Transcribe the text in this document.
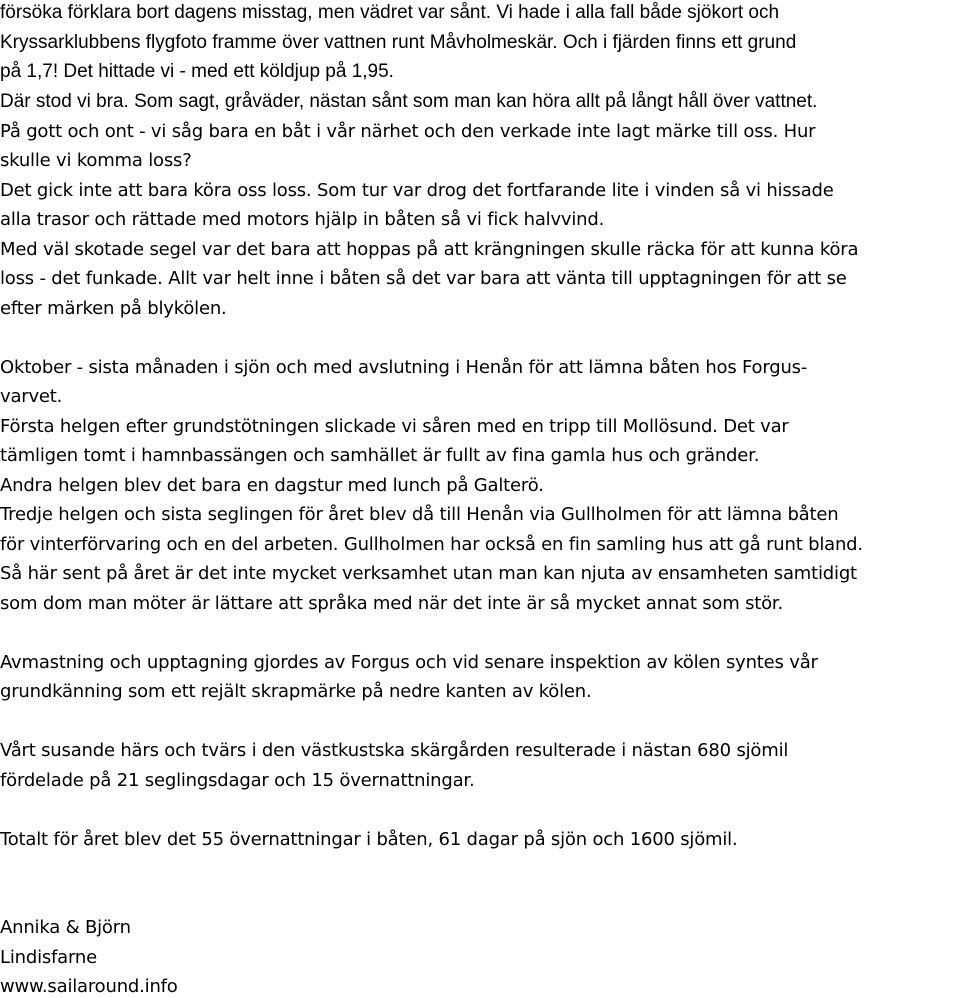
försöka förklara bort dagens misstag, men vädret var sånt. Vi hade i alla fall både sjökort och
Kryssarklubbens flygfoto framme över vattnen runt Måvholmeskär. Och i fjärden finns ett grund
på 1,7! Det hittade vi - med ett köldjup på 1,95.
Där stod vi bra. Som sagt, gråväder, nästan sånt som man kan höra allt på långt håll över vattnet.
På gott och ont - vi såg bara en båt i vår närhet och den verkade inte lagt märke till oss. Hur
skulle vi komma loss?
Det gick inte att bara köra oss loss. Som tur var drog det fortfarande lite i vinden så vi hissade
alla trasor och rättade med motors hjälp in båten så vi fick halvvind.
Med väl skotade segel var det bara att hoppas på att krängningen skulle räcka för att kunna köra
loss - det funkade. Allt var helt inne i båten så det var bara att vänta till upptagningen för att se
efter märken på blykölen.
Oktober - sista månaden i sjön och med avslutning i Henån för att lämna båten hos Forgus-
varvet.
Första helgen efter grundstötningen slickade vi såren med en tripp till Mollösund. Det var
tämligen tomt i hamnbassängen och samhället är fullt av fina gamla hus och gränder.
Andra helgen blev det bara en dagstur med lunch på Galterö.
Tredje helgen och sista seglingen för året blev då till Henån via Gullholmen för att lämna båten
för vinterförvaring och en del arbeten. Gullholmen har också en fin samling hus att gå runt bland.
Så här sent på året är det inte mycket verksamhet utan man kan njuta av ensamheten samtidigt
som dom man möter är lättare att språka med när det inte är så mycket annat som stör.
Avmastning och upptagning gjordes av Forgus och vid senare inspektion av kölen syntes vår
grundkänning som ett rejält skrapmärke på nedre kanten av kölen.
Vårt susande härs och tvärs i den västkustska skärgården resulterade i nästan 680 sjömil
fördelade på 21 seglingsdagar och 15 övernattningar.
Totalt för året blev det 55 övernattningar i båten, 61 dagar på sjön och 1600 sjömil.
Annika & Björn
Lindisfarne
www.sailaround.info
